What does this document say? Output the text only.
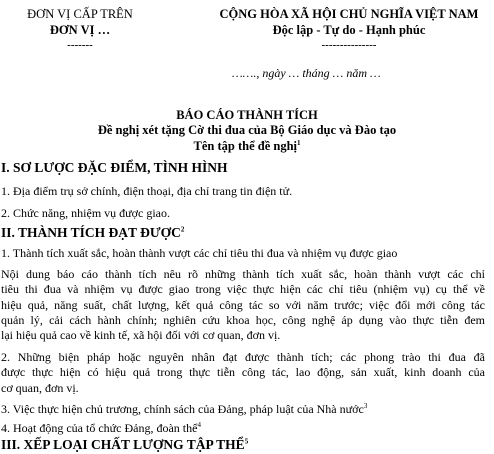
ĐƠN VỊ CẤP TRÊN
ĐƠN VỊ …
-------
CỘNG HÒA XÃ HỘI CHỦ NGHĨA VIỆT NAM
Độc lập - Tự do - Hạnh phúc
---------------
……., ngày … tháng … năm …
BÁO CÁO THÀNH TÍCH
Đề nghị xét tặng Cờ thi đua của Bộ Giáo dục và Đào tạo
Tên tập thể đề nghị$^1$
I. SƠ LƯỢC ĐẶC ĐIỂM, TÌNH HÌNH
1. Địa điểm trụ sở chính, điện thoại, địa chỉ trang tin điện tử.
2. Chức năng, nhiệm vụ được giao.
II. THÀNH TÍCH ĐẠT ĐƯỢC$^2$
1. Thành tích xuất sắc, hoàn thành vượt các chỉ tiêu thi đua và nhiệm vụ được giao
Nội dung báo cáo thành tích nêu rõ những thành tích xuất sắc, hoàn thành vượt các chỉ
tiêu thi đua và nhiệm vụ được giao trong việc thực hiện các chỉ tiêu (nhiệm vụ) cụ thể về
hiệu quả, năng suất, chất lượng, kết quả công tác so với năm trước; việc đổi mới công tác
quản lý, cải cách hành chính; nghiên cứu khoa học, công nghệ áp dụng vào thực tiễn đem
lại hiệu quả cao về kinh tế, xã hội đối với cơ quan, đơn vị.
2. Những biện pháp hoặc nguyên nhân đạt được thành tích; các phong trào thi đua đã
được thực hiện có hiệu quả trong thực tiễn công tác, lao động, sản xuất, kinh doanh của
cơ quan, đơn vị.
3. Việc thực hiện chủ trương, chính sách của Đảng, pháp luật của Nhà nước$^3$
4. Hoạt động của tổ chức Đảng, đoàn thể$^4$
III. XẾP LOẠI CHẤT LƯỢNG TẬP THỂ$^5$
